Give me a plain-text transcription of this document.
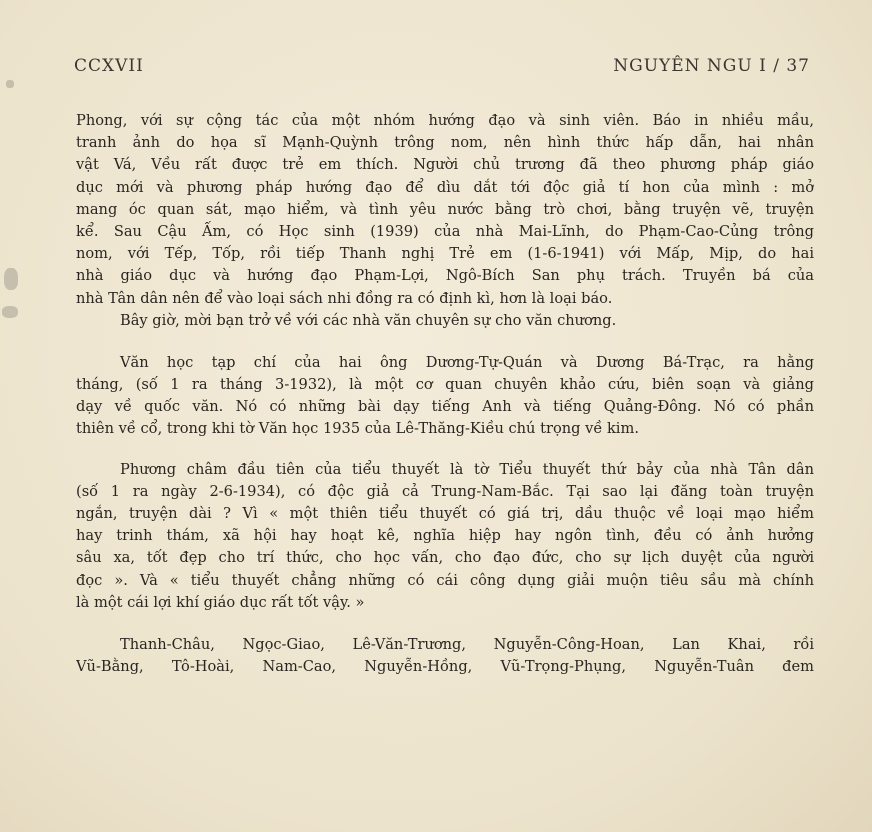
CCXVII	NGUYÊN NGU I / 37
Phong, với sự cộng tác của một nhóm hướng đạo và sinh viên. Báo in nhiều mầu,
tranh ảnh do họa sĩ Mạnh-Quỳnh trông nom, nên hình thức hấp dẫn, hai nhân
vật Vá, Vều rất được trẻ em thích. Người chủ trương đã theo phương pháp giáo
dục mới và phương pháp hướng đạo để dìu dắt tới độc giả tí hon của mình : mở
mang óc quan sát, mạo hiểm, và tình yêu nước bằng trò chơi, bằng truyện vẽ, truyện
kể. Sau Cậu Ấm, có Học sinh (1939) của nhà Mai-Lĩnh, do Phạm-Cao-Củng trông
nom, với Tếp, Tốp, rồi tiếp Thanh nghị Trẻ em (1-6-1941) với Mấp, Mịp, do hai
nhà giáo dục và hướng đạo Phạm-Lợi, Ngô-Bích San phụ trách. Truyền bá của
nhà Tân dân nên để vào loại sách nhi đồng ra có định kì, hơn là loại báo.
Bây giờ, mời bạn trở về với các nhà văn chuyên sự cho văn chương.
Văn học tạp chí của hai ông Dương-Tự-Quán và Dương Bá-Trạc, ra hằng
tháng, (số 1 ra tháng 3-1932), là một cơ quan chuyên khảo cứu, biên soạn và giảng
dạy về quốc văn. Nó có những bài dạy tiếng Anh và tiếng Quảng-Đông. Nó có phần
thiên về cổ, trong khi tờ Văn học 1935 của Lê-Thăng-Kiều chú trọng về kim.
Phương châm đầu tiên của tiểu thuyết là tờ Tiểu thuyết thứ bảy của nhà Tân dân
(số 1 ra ngày 2-6-1934), có độc giả cả Trung-Nam-Bắc. Tại sao lại đăng toàn truyện
ngắn, truyện dài ? Vì « một thiên tiểu thuyết có giá trị, dầu thuộc về loại mạo hiểm
hay trinh thám, xã hội hay hoạt kê, nghĩa hiệp hay ngôn tình, đều có ảnh hưởng
sâu xa, tốt đẹp cho trí thức, cho học vấn, cho đạo đức, cho sự lịch duyệt của người
đọc ». Và « tiểu thuyết chẳng những có cái công dụng giải muộn tiêu sầu mà chính
là một cái lợi khí giáo dục rất tốt vậy. »
Thanh-Châu, Ngọc-Giao, Lê-Văn-Trương, Nguyễn-Công-Hoan, Lan Khai, rồi
Vũ-Bằng, Tô-Hoài, Nam-Cao, Nguyễn-Hồng, Vũ-Trọng-Phụng, Nguyễn-Tuân đem
